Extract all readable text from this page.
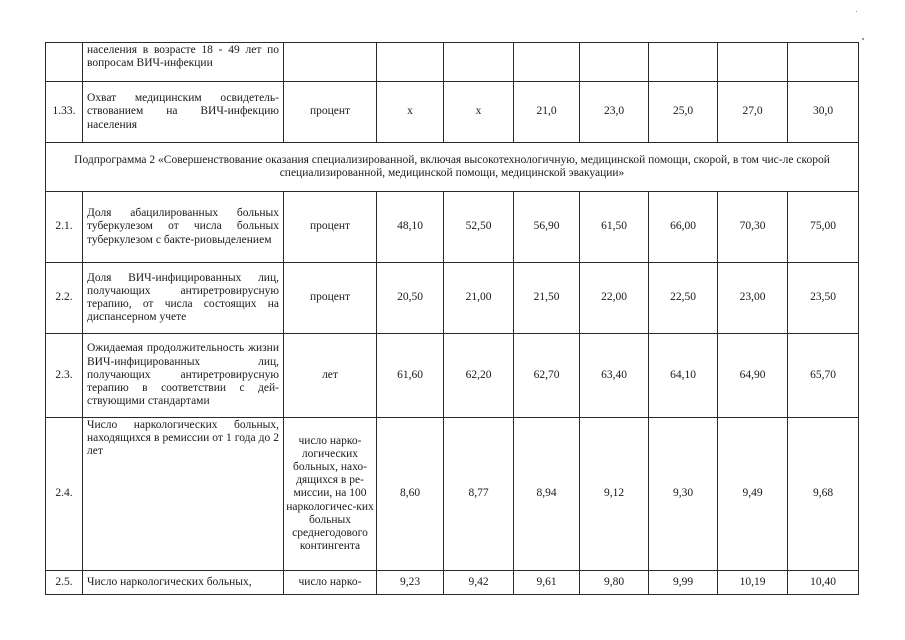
	населения в возрасте 18 - 49 лет по вопросам ВИЧ-инфекции								
1.33.	Охват медицинским освидетель-ствованием на ВИЧ-инфекцию населения	процент	х	х	21,0	23,0	25,0	27,0	30,0
Подпрограмма 2 «Совершенствование оказания специализированной, включая высокотехнологичную, медицинской помощи, скорой, в том чис-ле скорой специализированной, медицинской помощи, медицинской эвакуации»									
2.1.	Доля абацилированных больных туберкулезом от числа больных туберкулезом с бакте-риовыделением	процент	48,10	52,50	56,90	61,50	66,00	70,30	75,00
2.2.	Доля ВИЧ-инфицированных лиц, получающих антиретровирусную терапию, от числа состоящих на диспансерном учете	процент	20,50	21,00	21,50	22,00	22,50	23,00	23,50
2.3.	Ожидаемая продолжительность жизни ВИЧ-инфицированных лиц, получающих антиретровирусную терапию в соответствии с дей-ствующими стандартами	лет	61,60	62,20	62,70	63,40	64,10	64,90	65,70
2.4.	Число наркологических больных, находящихся в ремиссии от 1 года до 2 лет	число нарко-логических больных, нахо-дящихся в ре-миссии, на 100 наркологичес-ких больных среднегодового контингента	8,60	8,77	8,94	9,12	9,30	9,49	9,68
2.5.	Число наркологических больных,	число нарко-	9,23	9,42	9,61	9,80	9,99	10,19	10,40
